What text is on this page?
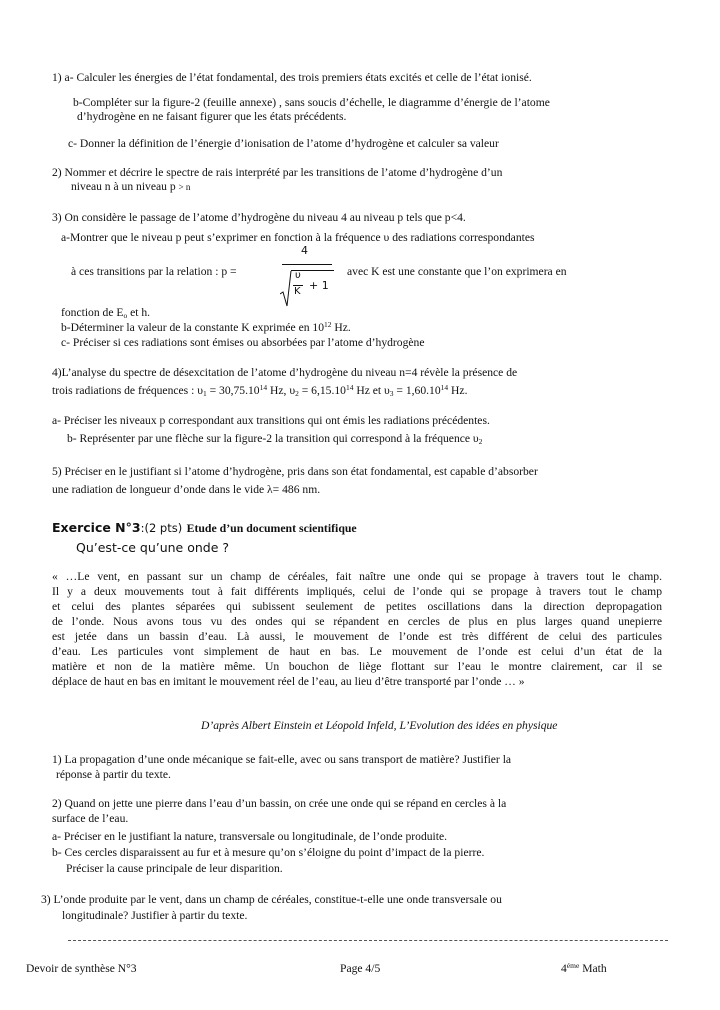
1) a- Calculer les énergies de l’état fondamental, des trois premiers états excités et celle de l’état ionisé.
b-Compléter sur la figure-2 (feuille annexe) , sans soucis d’échelle, le diagramme d’énergie de l’atome
d’hydrogène en ne faisant figurer que les états précédents.
c- Donner la définition de l’énergie d’ionisation de l’atome d’hydrogène et calculer sa valeur
2) Nommer et décrire le spectre de rais interprété par les transitions de l’atome d’hydrogène d’un
niveau n à un niveau p > n
3) On considère le passage de l’atome d’hydrogène du niveau 4 au niveau p tels que p<4.
a-Montrer que le niveau p peut s’exprimer en fonction à la fréquence υ des radiations correspondantes
à ces transitions par la relation : p =
4
υ
K + 1
avec K est une constante que l’on exprimera en
fonction de $E_o$ et h.
b-Déterminer la valeur de la constante K exprimée en $10^{12}$ Hz.
c- Préciser si ces radiations sont émises ou absorbées par l’atome d’hydrogène
4)L’analyse du spectre de désexcitation de l’atome d’hydrogène du niveau n=4 révèle la présence de
trois radiations de fréquences : $\upsilon_1 = 30,75.10^{14}$ Hz, $\upsilon_2 = 6,15.10^{14}$ Hz et $\upsilon_3 = 1,60.10^{14}$ Hz.
a- Préciser les niveaux p correspondant aux transitions qui ont émis les radiations précédentes.
b- Représenter par une flèche sur la figure-2 la transition qui correspond à la fréquence $\upsilon_2$
5) Préciser en le justifiant si l’atome d’hydrogène, pris dans son état fondamental, est capable d’absorber
une radiation de longueur d’onde dans le vide λ= 486 nm.
Exercice N°3:(2 pts) Etude d’un document scientifique
Qu’est-ce qu’une onde ?
« …Le vent, en passant sur un champ de céréales, fait naître une onde qui se propage à travers tout le champ.
Il y a deux mouvements tout à fait différents impliqués, celui de l’onde qui se propage à travers tout le champ
et celui des plantes séparées qui subissent seulement de petites oscillations dans la direction depropagation
de l’onde. Nous avons tous vu des ondes qui se répandent en cercles de plus en plus larges quand unepierre
est jetée dans un bassin d’eau. Là aussi, le mouvement de l’onde est très différent de celui des particules
d’eau. Les particules vont simplement de haut en bas. Le mouvement de l’onde est celui d’un état de la
matière et non de la matière même. Un bouchon de liège flottant sur l’eau le montre clairement, car il se
déplace de haut en bas en imitant le mouvement réel de l’eau, au lieu d’être transporté par l’onde … »
D’après Albert Einstein et Léopold Infeld, L’Evolution des idées en physique
1) La propagation d’une onde mécanique se fait-elle, avec ou sans transport de matière? Justifier la
réponse à partir du texte.
2) Quand on jette une pierre dans l’eau d’un bassin, on crée une onde qui se répand en cercles à la
surface de l’eau.
a- Préciser en le justifiant la nature, transversale ou longitudinale, de l’onde produite.
b- Ces cercles disparaissent au fur et à mesure qu’on s’éloigne du point d’impact de la pierre.
Préciser la cause principale de leur disparition.
3) L’onde produite par le vent, dans un champ de céréales, constitue-t-elle une onde transversale ou
longitudinale? Justifier à partir du texte.
Devoir de synthèse N°3	Page 4/5	$4^{éme}$ Math
